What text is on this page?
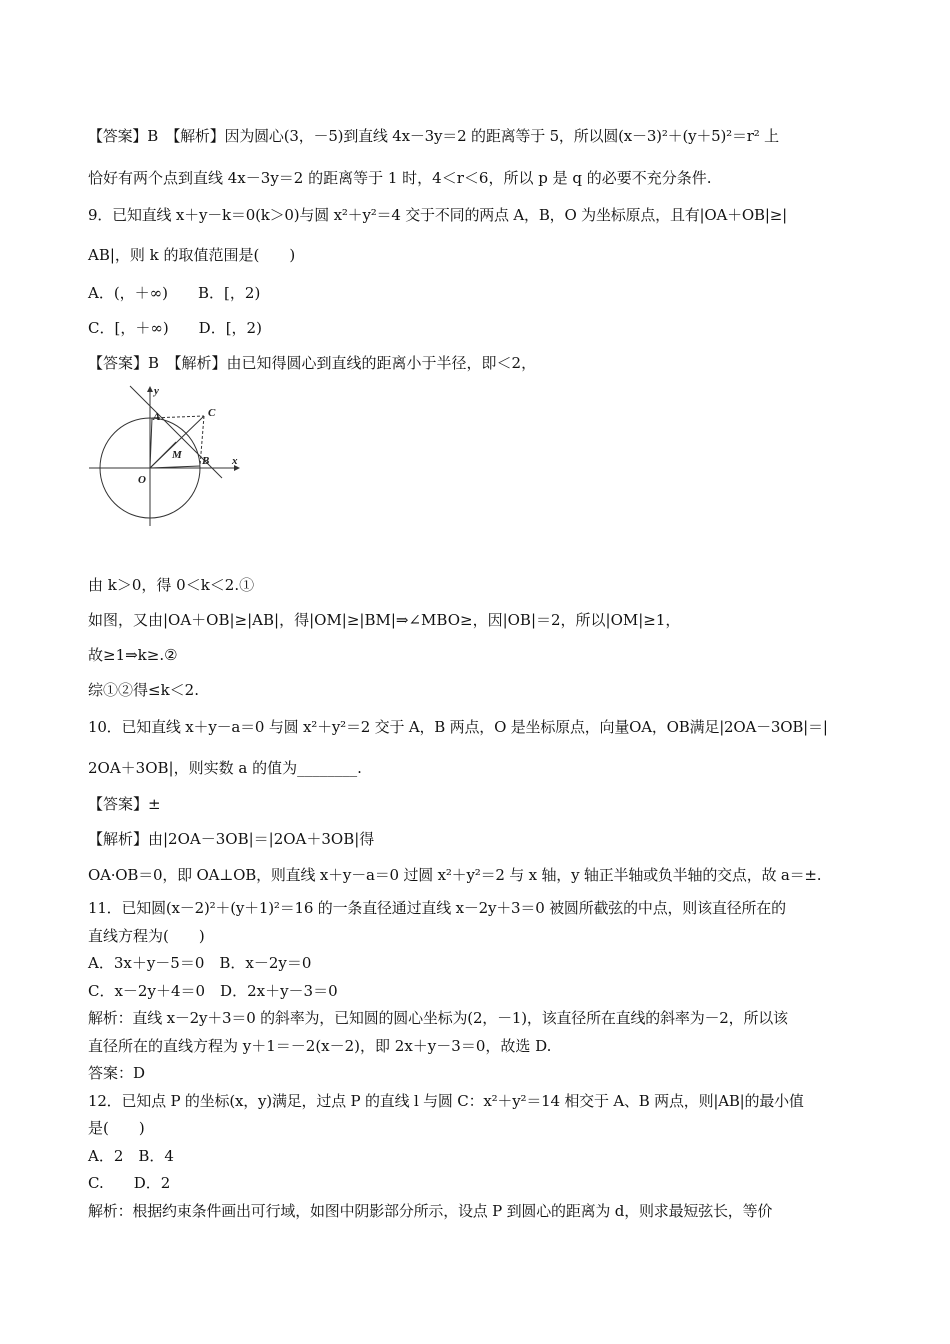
【答案】B　【解析】因为圆心(3，－5)到直线 4x－3y＝2 的距离等于 5，所以圆(x－3)²＋(y＋5)²＝r² 上
恰好有两个点到直线 4x－3y＝2 的距离等于 1 时，4＜r＜6，所以 p 是 q 的必要不充分条件.
9．已知直线 x＋y－k＝0(k＞0)与圆 x²＋y²＝4 交于不同的两点 A，B，O 为坐标原点，且有|OA＋OB|≥|
AB|，则 k 的取值范围是(　　)
A．(，＋∞)　　B．[，2)
C．[，＋∞)　　D．[，2)
【答案】B　【解析】由已知得圆心到直线的距离小于半径，即＜2，
y
x
O
A
B
C
M
由 k＞0，得 0＜k＜2.①
如图，又由|OA＋OB|≥|AB|，得|OM|≥|BM|⇒∠MBO≥，因|OB|＝2，所以|OM|≥1，
故≥1⇒k≥.②
综①②得≤k＜2.
10．已知直线 x＋y－a＝0 与圆 x²＋y²＝2 交于 A，B 两点，O 是坐标原点，向量OA，OB满足|2OA－3OB|＝|
2OA＋3OB|，则实数 a 的值为________.
【答案】±
【解析】由|2OA－3OB|＝|2OA＋3OB|得
OA·OB＝0，即 OA⊥OB，则直线 x＋y－a＝0 过圆 x²＋y²＝2 与 x 轴，y 轴正半轴或负半轴的交点，故 a＝±.
11．已知圆(x－2)²＋(y＋1)²＝16 的一条直径通过直线 x－2y＋3＝0 被圆所截弦的中点，则该直径所在的
直线方程为(　　)
A．3x＋y－5＝0　B．x－2y＝0
C．x－2y＋4＝0　D．2x＋y－3＝0
解析：直线 x－2y＋3＝0 的斜率为，已知圆的圆心坐标为(2，－1)，该直径所在直线的斜率为－2，所以该
直径所在的直线方程为 y＋1＝－2(x－2)，即 2x＋y－3＝0，故选 D.
答案：D
12．已知点 P 的坐标(x，y)满足，过点 P 的直线 l 与圆 C：x²＋y²＝14 相交于 A、B 两点，则|AB|的最小值
是(　　)
A．2　B．4
C.　　D．2
解析：根据约束条件画出可行域，如图中阴影部分所示，设点 P 到圆心的距离为 d，则求最短弦长，等价
